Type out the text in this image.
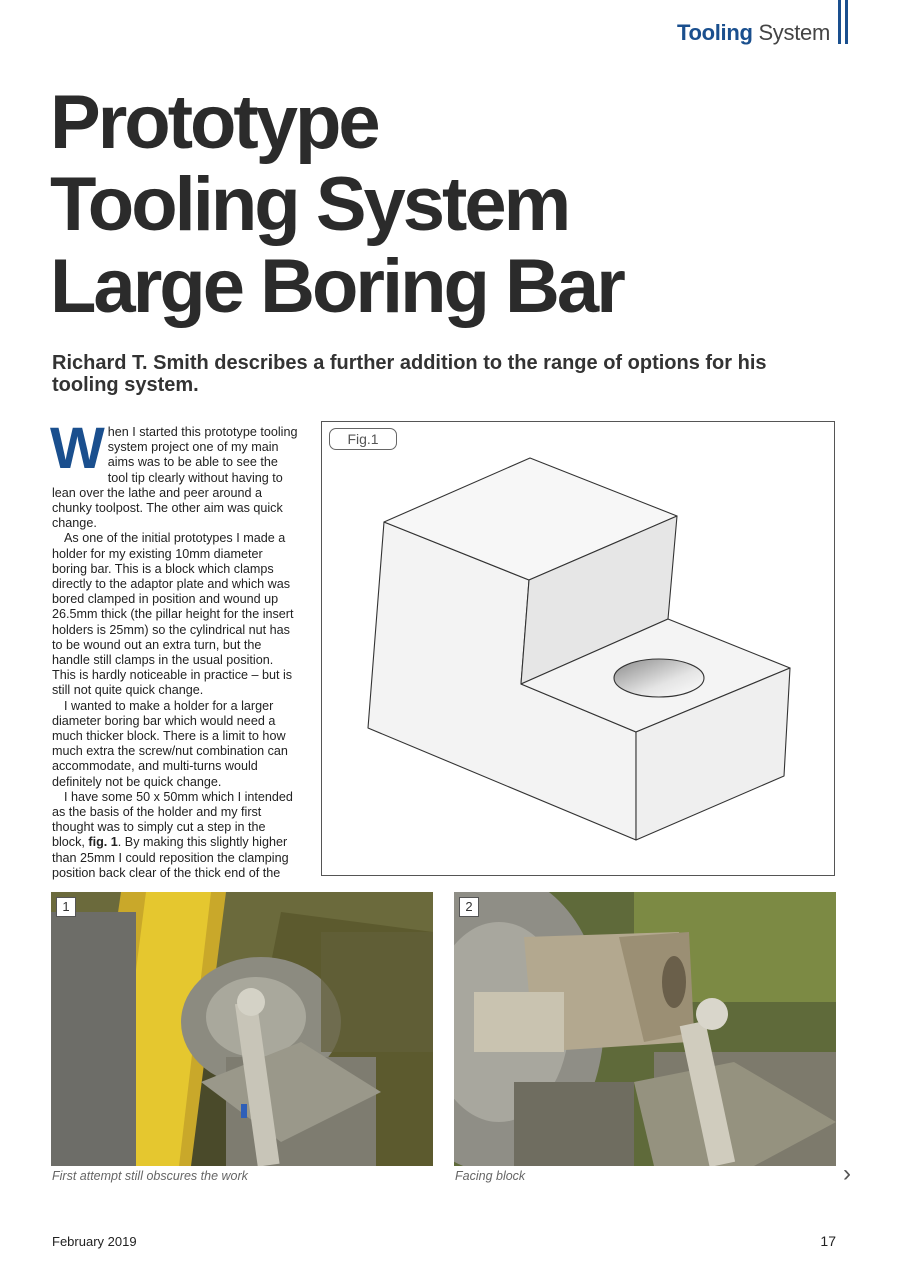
Tooling System
Prototype
Tooling System
Large Boring Bar

Richard T. Smith describes a further addition to the range of options for his tooling system.

When I started this prototype tooling system project one of my main aims was to be able to see the tool tip clearly without having to lean over the lathe and peer around a chunky toolpost. The other aim was quick change.

As one of the initial prototypes I made a holder for my existing 10mm diameter boring bar. This is a block which clamps directly to the adaptor plate and which was bored clamped in position and wound up 26.5mm thick (the pillar height for the insert holders is 25mm) so the cylindrical nut has to be wound out an extra turn, but the handle still clamps in the usual position. This is hardly noticeable in practice – but is still not quite quick change.

I wanted to make a holder for a larger diameter boring bar which would need a much thicker block. There is a limit to how much extra the screw/nut combination can accommodate, and multi-turns would definitely not be quick change.

I have some 50 x 50mm which I intended as the basis of the holder and my first thought was to simply cut a step in the block, fig. 1. By making this slightly higher than 25mm I could reposition the clamping position back clear of the thick end of the

Fig.1
1
First attempt still obscures the work
2
Facing block	›
February 2019	17
